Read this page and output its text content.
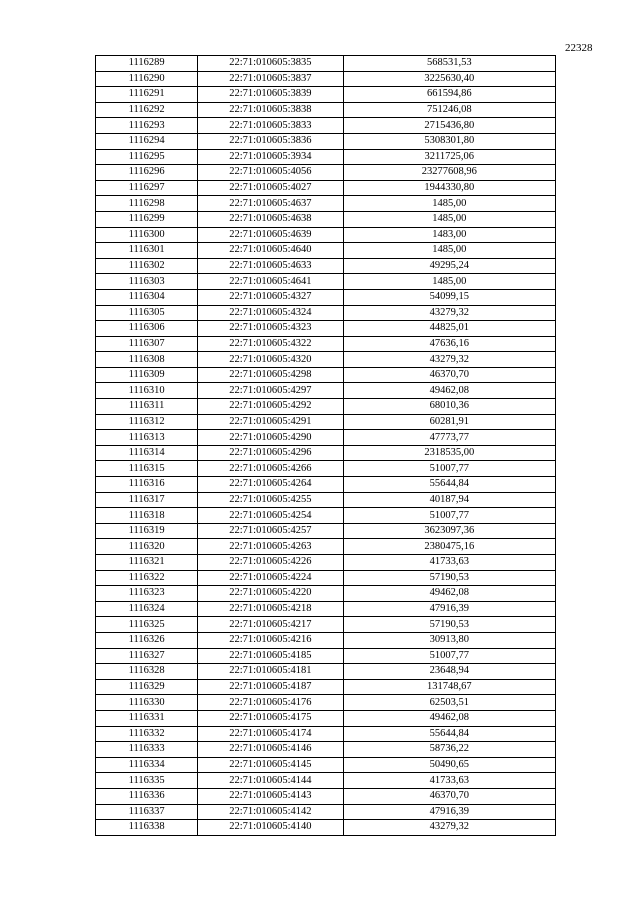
22328
1116289	22:71:010605:3835	568531,53
1116290	22:71:010605:3837	3225630,40
1116291	22:71:010605:3839	661594,86
1116292	22:71:010605:3838	751246,08
1116293	22:71:010605:3833	2715436,80
1116294	22:71:010605:3836	5308301,80
1116295	22:71:010605:3934	3211725,06
1116296	22:71:010605:4056	23277608,96
1116297	22:71:010605:4027	1944330,80
1116298	22:71:010605:4637	1485,00
1116299	22:71:010605:4638	1485,00
1116300	22:71:010605:4639	1483,00
1116301	22:71:010605:4640	1485,00
1116302	22:71:010605:4633	49295,24
1116303	22:71:010605:4641	1485,00
1116304	22:71:010605:4327	54099,15
1116305	22:71:010605:4324	43279,32
1116306	22:71:010605:4323	44825,01
1116307	22:71:010605:4322	47636,16
1116308	22:71:010605:4320	43279,32
1116309	22:71:010605:4298	46370,70
1116310	22:71:010605:4297	49462,08
1116311	22:71:010605:4292	68010,36
1116312	22:71:010605:4291	60281,91
1116313	22:71:010605:4290	47773,77
1116314	22:71:010605:4296	2318535,00
1116315	22:71:010605:4266	51007,77
1116316	22:71:010605:4264	55644,84
1116317	22:71:010605:4255	40187,94
1116318	22:71:010605:4254	51007,77
1116319	22:71:010605:4257	3623097,36
1116320	22:71:010605:4263	2380475,16
1116321	22:71:010605:4226	41733,63
1116322	22:71:010605:4224	57190,53
1116323	22:71:010605:4220	49462,08
1116324	22:71:010605:4218	47916,39
1116325	22:71:010605:4217	57190,53
1116326	22:71:010605:4216	30913,80
1116327	22:71:010605:4185	51007,77
1116328	22:71:010605:4181	23648,94
1116329	22:71:010605:4187	131748,67
1116330	22:71:010605:4176	62503,51
1116331	22:71:010605:4175	49462,08
1116332	22:71:010605:4174	55644,84
1116333	22:71:010605:4146	58736,22
1116334	22:71:010605:4145	50490,65
1116335	22:71:010605:4144	41733,63
1116336	22:71:010605:4143	46370,70
1116337	22:71:010605:4142	47916,39
1116338	22:71:010605:4140	43279,32
